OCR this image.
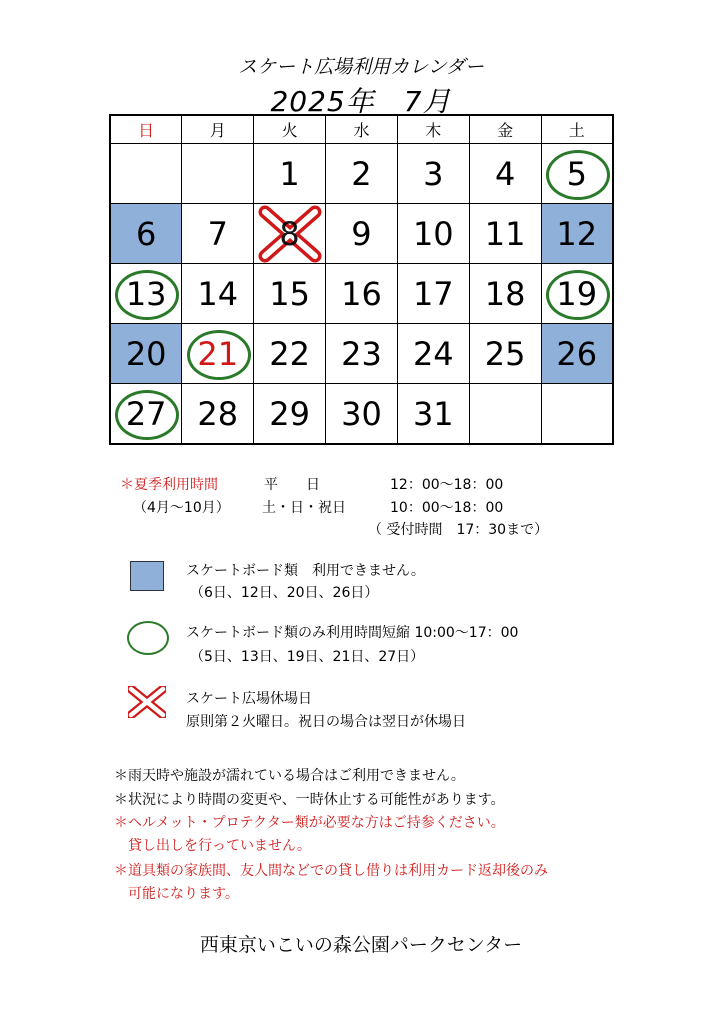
スケート広場利用カレンダー
2025年　7月
日	月	火	水	木	金	土
		1	2	3	4	5

6	7	8	9	10	11	12
13	14	15	16	17	18	19

20	21	22	23	24	25	26
27	28	29	30	31		
＊夏季利用時間	平　　日	12：00～18：00
（4月～10月） 土・日・祝日	10：00～18：00
（ 受付時間　17：30まで）
スケートボード類　利用できません。
（6日、12日、20日、26日）
スケートボード類のみ利用時間短縮 10:00～17：00
（5日、13日、19日、21日、27日）
スケート広場休場日
原則第２火曜日。祝日の場合は翌日が休場日
＊雨天時や施設が濡れている場合はご利用できません。
＊状況により時間の変更や、一時休止する可能性があります。
＊ヘルメット・プロテクター類が必要な方はご持参ください。
貸し出しを行っていません。
＊道具類の家族間、友人間などでの貸し借りは利用カード返却後のみ
可能になります。
西東京いこいの森公園パークセンター
